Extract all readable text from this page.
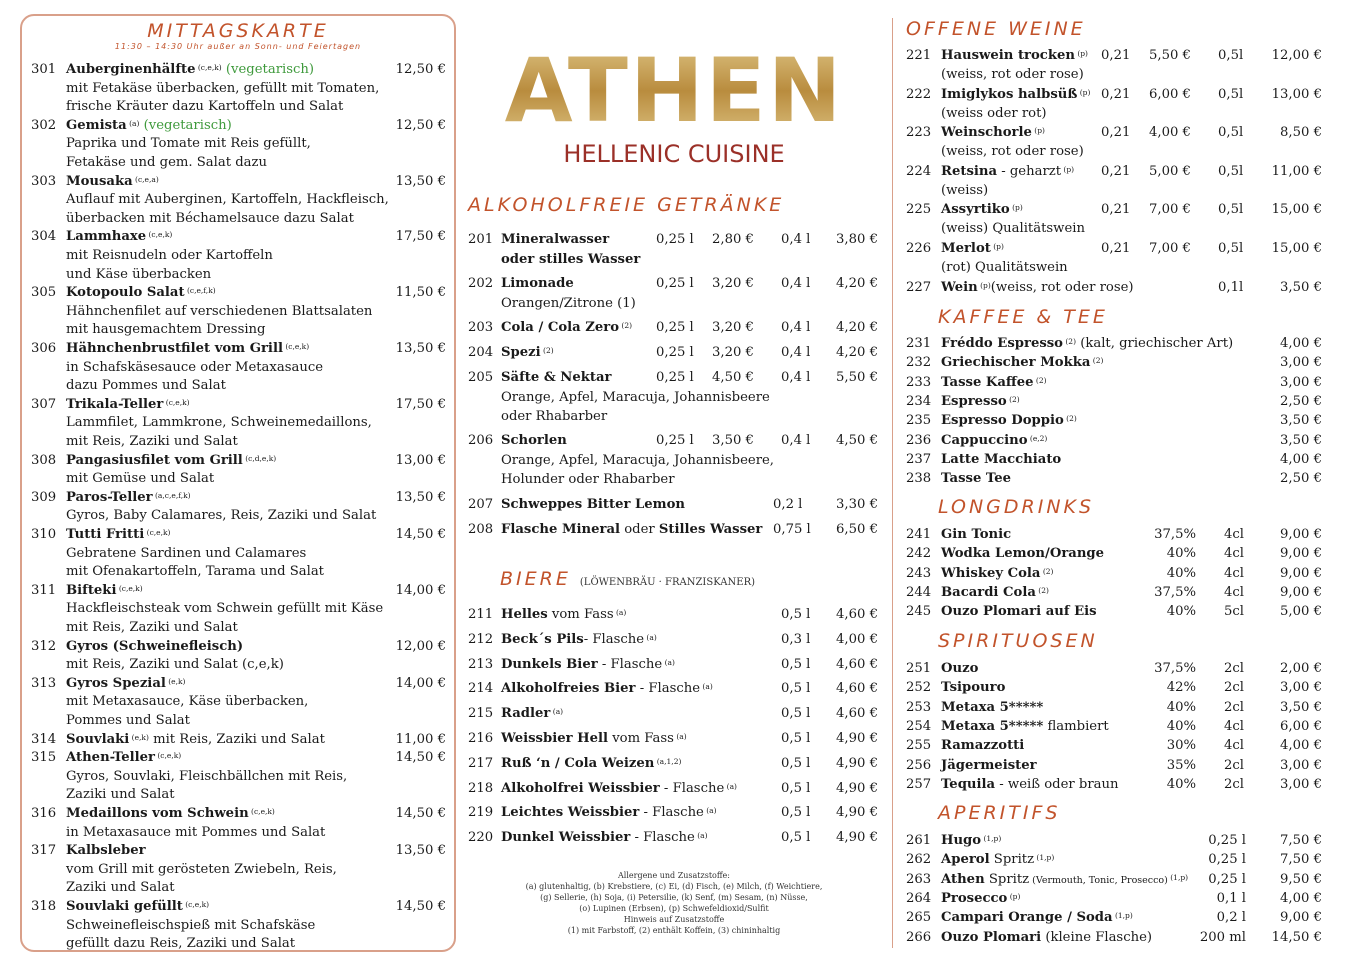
MITTAGSKARTE
11:30 – 14:30 Uhr außer an Sonn- und Feiertagen
301 Auberginenhälfte $^{(c,e,k)}$ (vegetarisch)	12,50 €
mit Fetakäse überbacken, gefüllt mit Tomaten,
frische Kräuter dazu Kartoffeln und Salat
302 Gemista $^{(a)}$ (vegetarisch)	12,50 €
Paprika und Tomate mit Reis gefüllt,
Fetakäse und gem. Salat dazu
303 Mousaka $^{(c,e,a)}$	13,50 €
Auflauf mit Auberginen, Kartoffeln, Hackfleisch,
überbacken mit Béchamelsauce dazu Salat
304 Lammhaxe $^{(c,e,k)}$	17,50 €
mit Reisnudeln oder Kartoffeln
und Käse überbacken
305 Kotopoulo Salat $^{(c,e,f,k)}$	11,50 €
Hähnchenfilet auf verschiedenen Blattsalaten
mit hausgemachtem Dressing
306 Hähnchenbrustfilet vom Grill $^{(c,e,k)}$	13,50 €
in Schafskäsesauce oder Metaxasauce
dazu Pommes und Salat
307 Trikala-Teller $^{(c,e,k)}$	17,50 €
Lammfilet, Lammkrone, Schweinemedaillons,
mit Reis, Zaziki und Salat
308 Pangasiusfilet vom Grill $^{(c,d,e,k)}$	13,00 €
mit Gemüse und Salat
309 Paros-Teller $^{(a,c,e,f,k)}$	13,50 €
Gyros, Baby Calamares, Reis, Zaziki und Salat
310 Tutti Fritti $^{(c,e,k)}$	14,50 €
Gebratene Sardinen und Calamares
mit Ofenakartoffeln, Tarama und Salat
311 Bifteki $^{(c,e,k)}$	14,00 €
Hackfleischsteak vom Schwein gefüllt mit Käse
mit Reis, Zaziki und Salat
312 Gyros (Schweinefleisch)	12,00 €
mit Reis, Zaziki und Salat (c,e,k)
313 Gyros Spezial $^{(e,k)}$	14,00 €
mit Metaxasauce, Käse überbacken,
Pommes und Salat
314 Souvlaki $^{(e,k)}$ mit Reis, Zaziki und Salat	11,00 €
315 Athen-Teller $^{(c,e,k)}$	14,50 €
Gyros, Souvlaki, Fleischbällchen mit Reis,
Zaziki und Salat
316 Medaillons vom Schwein $^{(c,e,k)}$	14,50 €
in Metaxasauce mit Pommes und Salat
317 Kalbsleber	13,50 €
vom Grill mit gerösteten Zwiebeln, Reis,
Zaziki und Salat
318 Souvlaki gefüllt $^{(c,e,k)}$	14,50 €
Schweinefleischspieß mit Schafskäse
gefüllt dazu Reis, Zaziki und Salat
ATHEN
HELLENIC CUISINE
ALKOHOLFREIE GETRÄNKE
201 Mineralwasser	0,25 l 2,80 € 0,4 l 3,80 €
oder stilles Wasser
202 Limonade	0,25 l 3,20 € 0,4 l 4,20 €
Orangen/Zitrone (1)
203 Cola / Cola Zero $^{(2)}$ 0,25 l 3,20 € 0,4 l 4,20 €
204 Spezi $^{(2)}$	0,25 l 3,20 € 0,4 l 4,20 €
205 Säfte & Nektar	0,25 l 4,50 € 0,4 l 5,50 €
Orange, Apfel, Maracuja, Johannisbeere
oder Rhabarber
206 Schorlen	0,25 l 3,50 € 0,4 l 4,50 €
Orange, Apfel, Maracuja, Johannisbeere,
Holunder oder Rhabarber
207 Schweppes Bitter Lemon	0,2 l	3,30 €
208 Flasche Mineral oder Stilles Wasser 0,75 l 6,50 €
BIERE (LÖWENBRÄU · FRANZISKANER)
211 Helles vom Fass $^{(a)}$	0,5 l 4,60 €
212 Beck´s Pils- Flasche $^{(a)}$	0,3 l 4,00 €
213 Dunkels Bier - Flasche $^{(a)}$	0,5 l 4,60 €
214 Alkoholfreies Bier - Flasche $^{(a)}$	0,5 l 4,60 €
215 Radler $^{(a)}$	0,5 l 4,60 €
216 Weissbier Hell vom Fass $^{(a)}$	0,5 l 4,90 €
217 Ruß ‘n / Cola Weizen $^{(a,1,2)}$	0,5 l 4,90 €
218 Alkoholfrei Weissbier - Flasche $^{(a)}$	0,5 l 4,90 €
219 Leichtes Weissbier - Flasche $^{(a)}$	0,5 l 4,90 €
220 Dunkel Weissbier - Flasche $^{(a)}$	0,5 l 4,90 €
Allergene und Zusatzstoffe:
(a) glutenhaltig, (b) Krebstiere, (c) Ei, (d) Fisch, (e) Milch, (f) Weichtiere,
(g) Sellerie, (h) Soja, (i) Petersilie, (k) Senf, (m) Sesam, (n) Nüsse,
(o) Lupinen (Erbsen), (p) Schwefeldioxid/Sulfit
Hinweis auf Zusatzstoffe
(1) mit Farbstoff, (2) enthält Koffein, (3) chininhaltig
OFFENE WEINE
221 Hauswein trocken $^{(p)}$ 0,21 5,50 € 0,5l 12,00 €
(weiss, rot oder rose)
222 Imiglykos halbsüß $^{(p)}$ 0,21 6,00 € 0,5l 13,00 €
(weiss oder rot)
223 Weinschorle $^{(p)}$	0,21 4,00 € 0,5l	8,50 €
(weiss, rot oder rose)
224 Retsina - geharzt $^{(p)}$ 0,21 5,00 € 0,5l 11,00 €
(weiss)
225 Assyrtiko $^{(p)}$	0,21 7,00 € 0,5l 15,00 €
(weiss) Qualitätswein
226 Merlot $^{(p)}$	0,21 7,00 € 0,5l 15,00 €
(rot) Qualitätswein
227 Wein $^{(p)}$(weiss, rot oder rose)	0,1l	3,50 €
KAFFEE & TEE
231 Fréddo Espresso $^{(2)}$ (kalt, griechischer Art)	4,00 €
232 Griechischer Mokka $^{(2)}$	3,00 €
233 Tasse Kaffee $^{(2)}$	3,00 €
234 Espresso $^{(2)}$	2,50 €
235 Espresso Doppio $^{(2)}$	3,50 €
236 Cappuccino $^{(e,2)}$	3,50 €
237 Latte Macchiato	4,00 €
238 Tasse Tee	2,50 €
LONGDRINKS
241 Gin Tonic	37,5% 4cl	9,00 €
242 Wodka Lemon/Orange	40% 4cl	9,00 €
243 Whiskey Cola $^{(2)}$	40% 4cl	9,00 €
244 Bacardi Cola $^{(2)}$	37,5% 4cl	9,00 €
245 Ouzo Plomari auf Eis	40% 5cl	5,00 €
SPIRITUOSEN
251 Ouzo	37,5% 2cl	2,00 €
252 Tsipouro	42% 2cl	3,00 €
253 Metaxa 5*****	40% 2cl	3,50 €
254 Metaxa 5***** flambiert	40% 4cl	6,00 €
255 Ramazzotti	30% 4cl	4,00 €
256 Jägermeister	35% 2cl	3,00 €
257 Tequila - weiß oder braun	40% 2cl	3,00 €
APERITIFS
261 Hugo $^{(1,p)}$	0,25 l	7,50 €
262 Aperol Spritz $^{(1,p)}$	0,25 l	7,50 €
263 Athen Spritz (Vermouth, Tonic, Prosecco) $^{(1,p)}$ 0,25 l	9,50 €
264 Prosecco $^{(p)}$	0,1 l	4,00 €
265 Campari Orange / Soda $^{(1,p)}$	0,2 l	9,00 €
266 Ouzo Plomari (kleine Flasche)	200 ml 14,50 €
